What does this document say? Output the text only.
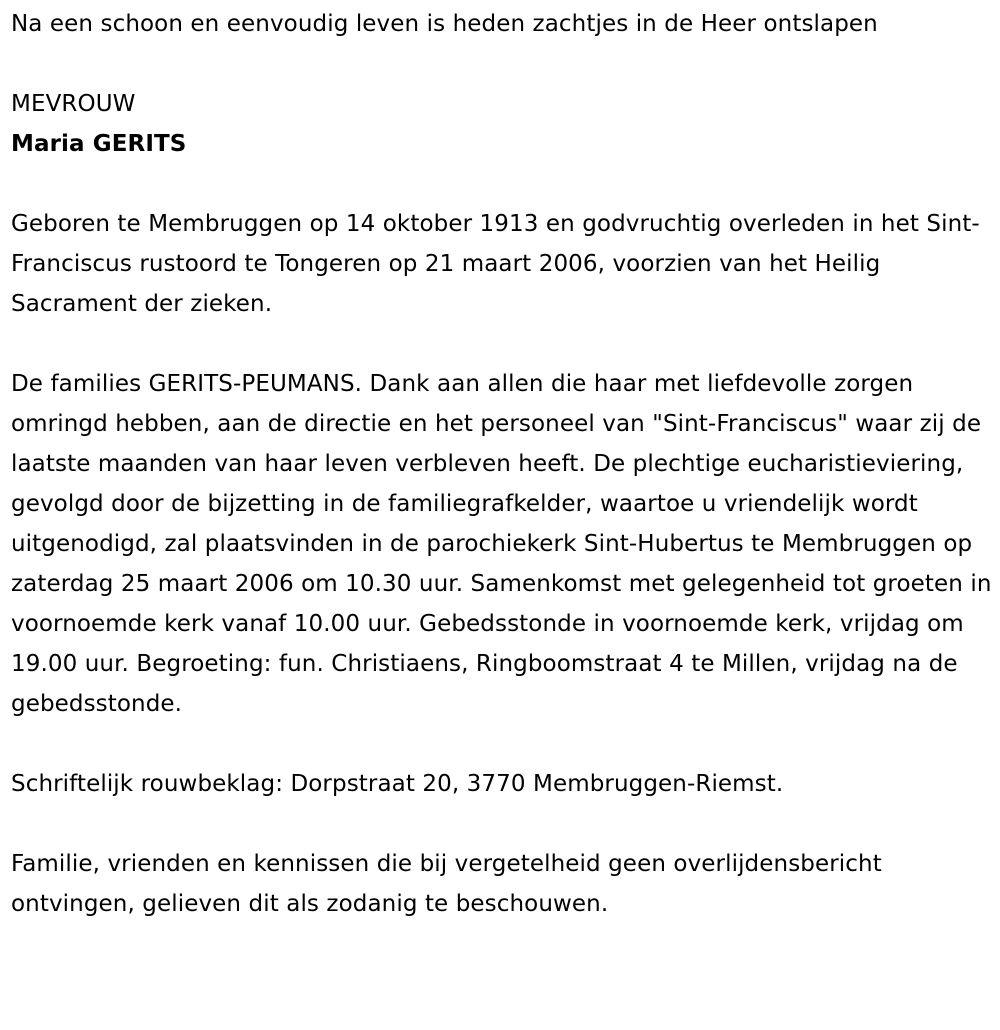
Na een schoon en eenvoudig leven is heden zachtjes in de Heer ontslapen

MEVROUW

Maria GERITS

Geboren te Membruggen op 14 oktober 1913 en godvruchtig overleden in het Sint-Franciscus rustoord te Tongeren op 21 maart 2006, voorzien van het Heilig Sacrament der zieken.

De families GERITS-PEUMANS. Dank aan allen die haar met liefdevolle zorgen omringd hebben, aan de directie en het personeel van "Sint-Franciscus" waar zij de laatste maanden van haar leven verbleven heeft. De plechtige eucharistieviering, gevolgd door de bijzetting in de familiegrafkelder, waartoe u vriendelijk wordt uitgenodigd, zal plaatsvinden in de parochiekerk Sint-Hubertus te Membruggen op zaterdag 25 maart 2006 om 10.30 uur. Samenkomst met gelegenheid tot groeten in voornoemde kerk vanaf 10.00 uur. Gebedsstonde in voornoemde kerk, vrijdag om 19.00 uur. Begroeting: fun. Christiaens, Ringboomstraat 4 te Millen, vrijdag na de gebedsstonde.

Schriftelijk rouwbeklag: Dorpstraat 20, 3770 Membruggen-Riemst.

Familie, vrienden en kennissen die bij vergetelheid geen overlijdensbericht ontvingen, gelieven dit als zodanig te beschouwen.
